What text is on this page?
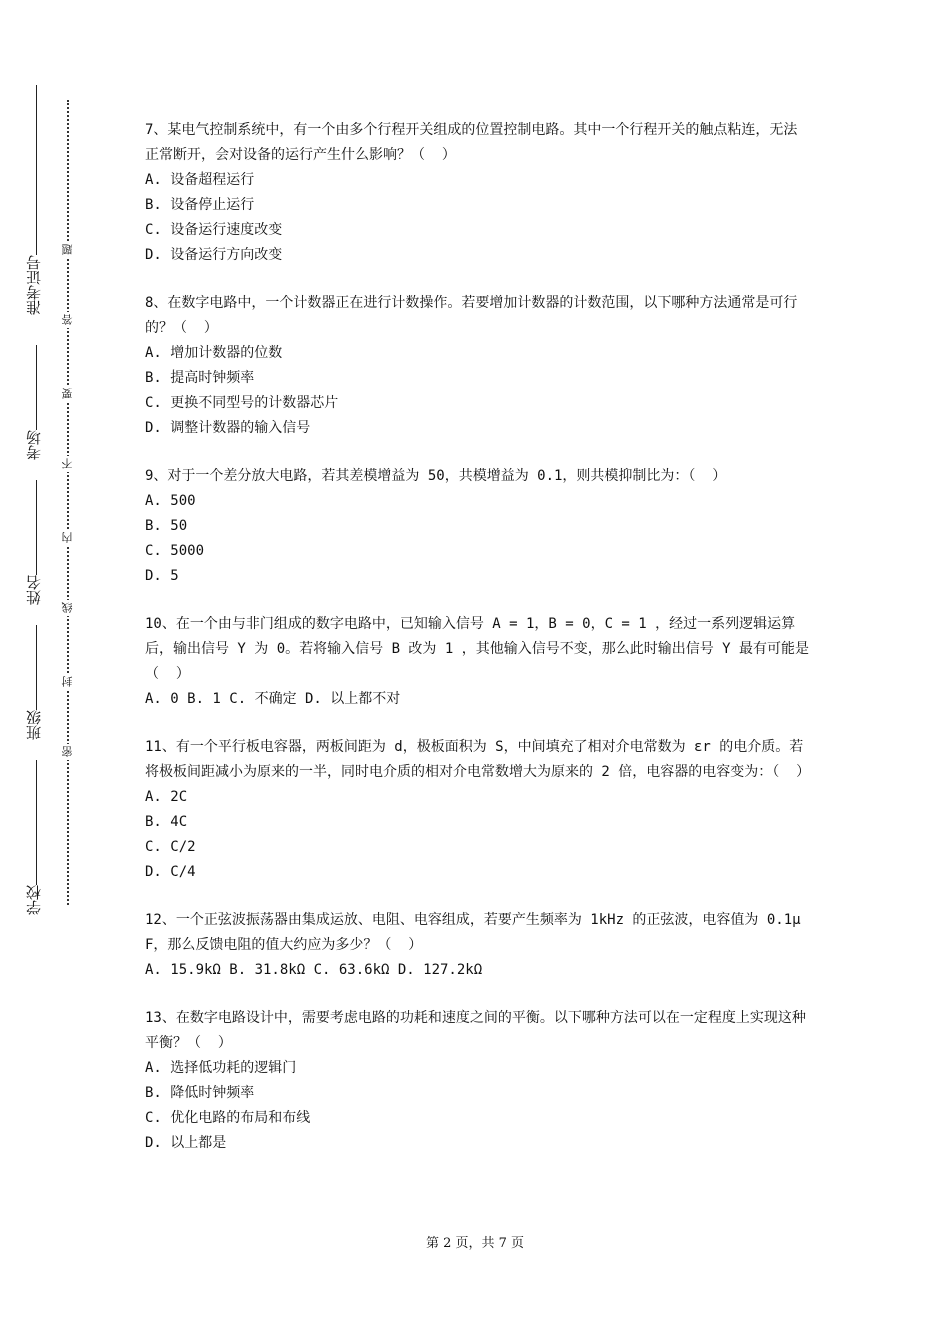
准考证号
考场
姓名
班级
学校
题
答
要
不
内
线
封
密
7、某电气控制系统中，有一个由多个行程开关组成的位置控制电路。其中一个行程开关的触点粘连，无法正常断开，会对设备的运行产生什么影响？（  ）
A. 设备超程运行
B. 设备停止运行
C. 设备运行速度改变
D. 设备运行方向改变
8、在数字电路中，一个计数器正在进行计数操作。若要增加计数器的计数范围，以下哪种方法通常是可行的？（  ）
A. 增加计数器的位数
B. 提高时钟频率
C. 更换不同型号的计数器芯片
D. 调整计数器的输入信号
9、对于一个差分放大电路，若其差模增益为 50，共模增益为 0.1，则共模抑制比为：（  ）
A. 500
B. 50
C. 5000
D. 5
10、在一个由与非门组成的数字电路中，已知输入信号 A = 1，B = 0，C = 1 ，经过一系列逻辑运算后，输出信号 Y 为 0。若将输入信号 B 改为 1 ，其他输入信号不变，那么此时输出信号 Y 最有可能是（  ）
A. 0 B. 1 C. 不确定 D. 以上都不对
11、有一个平行板电容器，两板间距为 d，极板面积为 S，中间填充了相对介电常数为 εr 的电介质。若将极板间距减小为原来的一半，同时电介质的相对介电常数增大为原来的 2 倍，电容器的电容变为：（  ）
A. 2C
B. 4C
C. C/2
D. C/4
12、一个正弦波振荡器由集成运放、电阻、电容组成，若要产生频率为 1kHz 的正弦波，电容值为 0.1μF，那么反馈电阻的值大约应为多少？（  ）
A. 15.9kΩ B. 31.8kΩ C. 63.6kΩ D. 127.2kΩ
13、在数字电路设计中，需要考虑电路的功耗和速度之间的平衡。以下哪种方法可以在一定程度上实现这种平衡？（  ）
A. 选择低功耗的逻辑门
B. 降低时钟频率
C. 优化电路的布局和布线
D. 以上都是
第 2 页，共 7 页
